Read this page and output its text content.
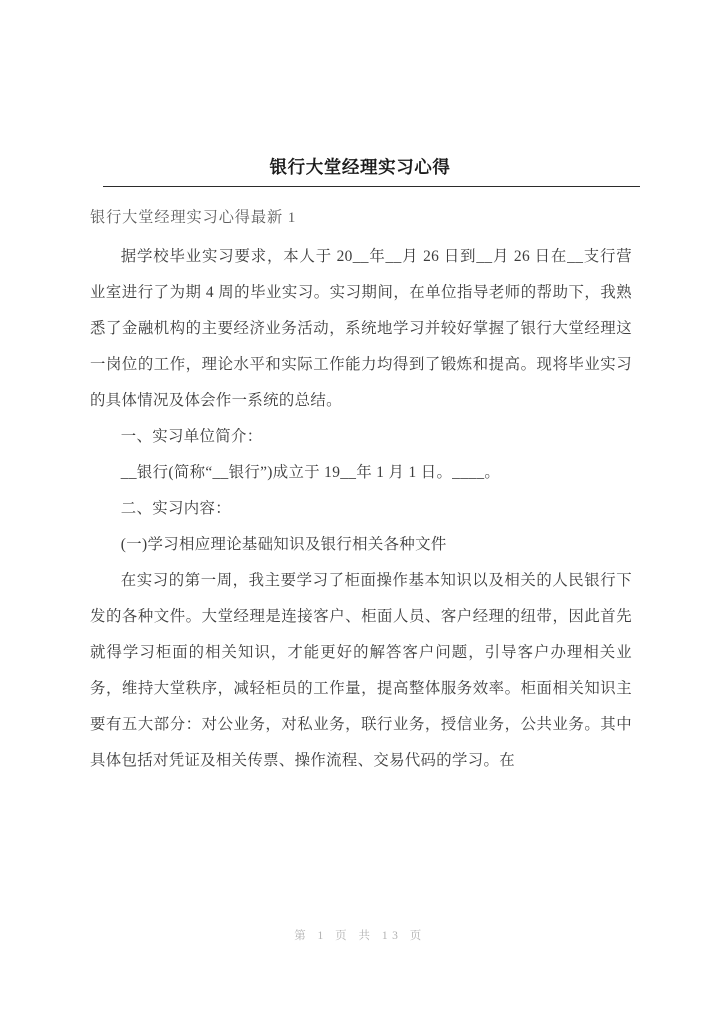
银行大堂经理实习心得
银行大堂经理实习心得最新 1

据学校毕业实习要求，本人于 20__年__月 26 日到__月 26 日在__支行营业室进行了为期 4 周的毕业实习。实习期间，在单位指导老师的帮助下，我熟悉了金融机构的主要经济业务活动，系统地学习并较好掌握了银行大堂经理这一岗位的工作，理论水平和实际工作能力均得到了锻炼和提高。现将毕业实习的具体情况及体会作一系统的总结。

一、实习单位简介：

__银行(简称“__银行”)成立于 19__年 1 月 1 日。____。

二、实习内容：

(一)学习相应理论基础知识及银行相关各种文件

在实习的第一周，我主要学习了柜面操作基本知识以及相关的人民银行下发的各种文件。大堂经理是连接客户、柜面人员、客户经理的纽带，因此首先就得学习柜面的相关知识，才能更好的解答客户问题，引导客户办理相关业务，维持大堂秩序，减轻柜员的工作量，提高整体服务效率。柜面相关知识主要有五大部分：对公业务，对私业务，联行业务，授信业务，公共业务。其中具体包括对凭证及相关传票、操作流程、交易代码的学习。在

第 1 页 共 13 页
